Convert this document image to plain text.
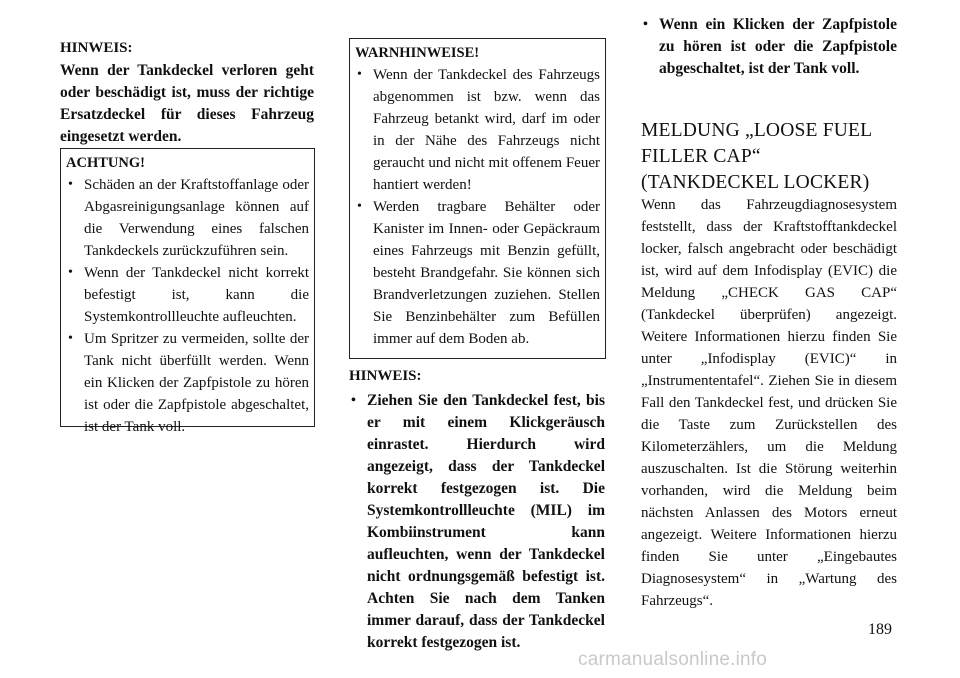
HINWEIS:

Wenn der Tankdeckel verloren geht oder beschädigt ist, muss der richtige Ersatzdeckel für dieses Fahrzeug eingesetzt werden.

ACHTUNG!
• Schäden an der Kraftstoffanlage oder Abgasreinigungsanlage können auf die Verwendung eines falschen Tankdeckels zurückzuführen sein.
• Wenn der Tankdeckel nicht korrekt befestigt ist, kann die Systemkontrollleuchte aufleuchten.
• Um Spritzer zu vermeiden, sollte der Tank nicht überfüllt werden. Wenn ein Klicken der Zapfpistole zu hören ist oder die Zapfpistole abgeschaltet, ist der Tank voll.
WARNHINWEISE!
• Wenn der Tankdeckel des Fahrzeugs abgenommen ist bzw. wenn das Fahrzeug betankt wird, darf im oder in der Nähe des Fahrzeugs nicht geraucht und nicht mit offenem Feuer hantiert werden!
• Werden tragbare Behälter oder Kanister im Innen- oder Gepäckraum eines Fahrzeugs mit Benzin gefüllt, besteht Brandgefahr. Sie können sich Brandverletzungen zuziehen. Stellen Sie Benzinbehälter zum Befüllen immer auf dem Boden ab.
HINWEIS:
• Ziehen Sie den Tankdeckel fest, bis er mit einem Klickgeräusch einrastet. Hierdurch wird angezeigt, dass der Tankdeckel korrekt festgezogen ist. Die Systemkontrollleuchte (MIL) im Kombiinstrument kann aufleuchten, wenn der Tankdeckel nicht ordnungsgemäß befestigt ist. Achten Sie nach dem Tanken immer darauf, dass der Tankdeckel korrekt festgezogen ist.
• Wenn ein Klicken der Zapfpistole zu hören ist oder die Zapfpistole abgeschaltet, ist der Tank voll.
MELDUNG „LOOSE FUEL FILLER CAP“ (TANKDECKEL LOCKER)

Wenn das Fahrzeugdiagnosesystem feststellt, dass der Kraftstofftankdeckel locker, falsch angebracht oder beschädigt ist, wird auf dem Infodisplay (EVIC) die Meldung „CHECK GAS CAP“ (Tankdeckel überprüfen) angezeigt. Weitere Informationen hierzu finden Sie unter „Infodisplay (EVIC)“ in „Instrumententafel“. Ziehen Sie in diesem Fall den Tankdeckel fest, und drücken Sie die Taste zum Zurückstellen des Kilometerzählers, um die Meldung auszuschalten. Ist die Störung weiterhin vorhanden, wird die Meldung beim nächsten Anlassen des Motors erneut angezeigt. Weitere Informationen hierzu finden Sie unter „Eingebautes Diagnosesystem“ in „Wartung des Fahrzeugs“.

189
carmanualsonline.info
